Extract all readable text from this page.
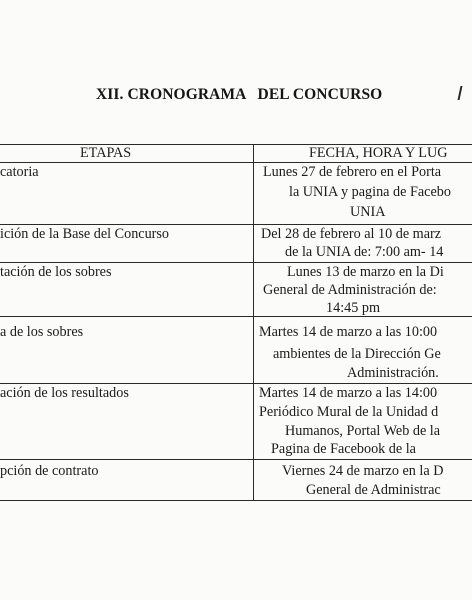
XII. CRONOGRAMA   DEL CONCURSO
ETAPAS	FECHA, HORA Y LUG
catoria	Lunes 27 de febrero en el Porta
la UNIA y pagina de Facebo
UNIA
ición de la Base del Concurso	Del 28 de febrero al 10 de marz
de la UNIA de: 7:00 am- 14
tación de los sobres	Lunes 13 de marzo en la Di
General de Administración de:
14:45 pm
a de los sobres	Martes 14 de marzo a las 10:00
ambientes de la Dirección Ge
Administración.
ación de los resultados	Martes 14 de marzo a las 14:00
Periódico Mural de la Unidad d
Humanos, Portal Web de la
Pagina de Facebook de la
pción de contrato	Viernes 24 de marzo en la D
General de Administrac
